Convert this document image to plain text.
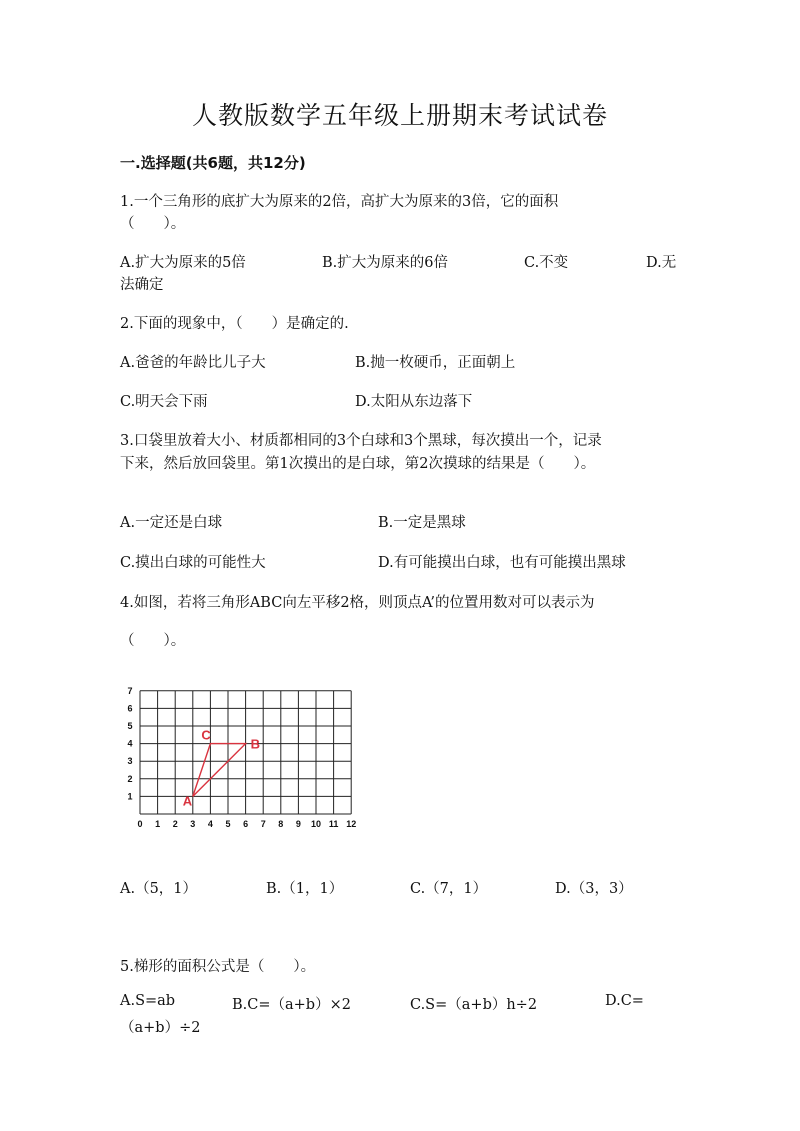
人教版数学五年级上册期末考试试卷
一.选择题(共6题，共12分)
1.一个三角形的底扩大为原来的2倍，高扩大为原来的3倍，它的面积
（　　）。
A.扩大为原来的5倍	B.扩大为原来的6倍	C.不变	D.无
法确定
2.下面的现象中，（　　）是确定的.
A.爸爸的年龄比儿子大	B.抛一枚硬币，正面朝上
C.明天会下雨	D.太阳从东边落下
3.口袋里放着大小、材质都相同的3个白球和3个黑球，每次摸出一个，记录
下来，然后放回袋里。第1次摸出的是白球，第2次摸球的结果是（　　）。
A.一定还是白球	B.一定是黑球
C.摸出白球的可能性大	D.有可能摸出白球，也有可能摸出黑球
4.如图，若将三角形ABC向左平移2格，则顶点A’的位置用数对可以表示为
（　　）。
0 1 2 3 4 5 6 7 8 9 10 11 12
1
2
3
4
5
6
7
A
B
C
A.（5，1）	B.（1，1）	C.（7，1）	D.（3，3）
5.梯形的面积公式是（　　）。
A.S=ab	B.C=（a+b）×2	C.S=（a+b）h÷2	D.C=
（a+b）÷2
